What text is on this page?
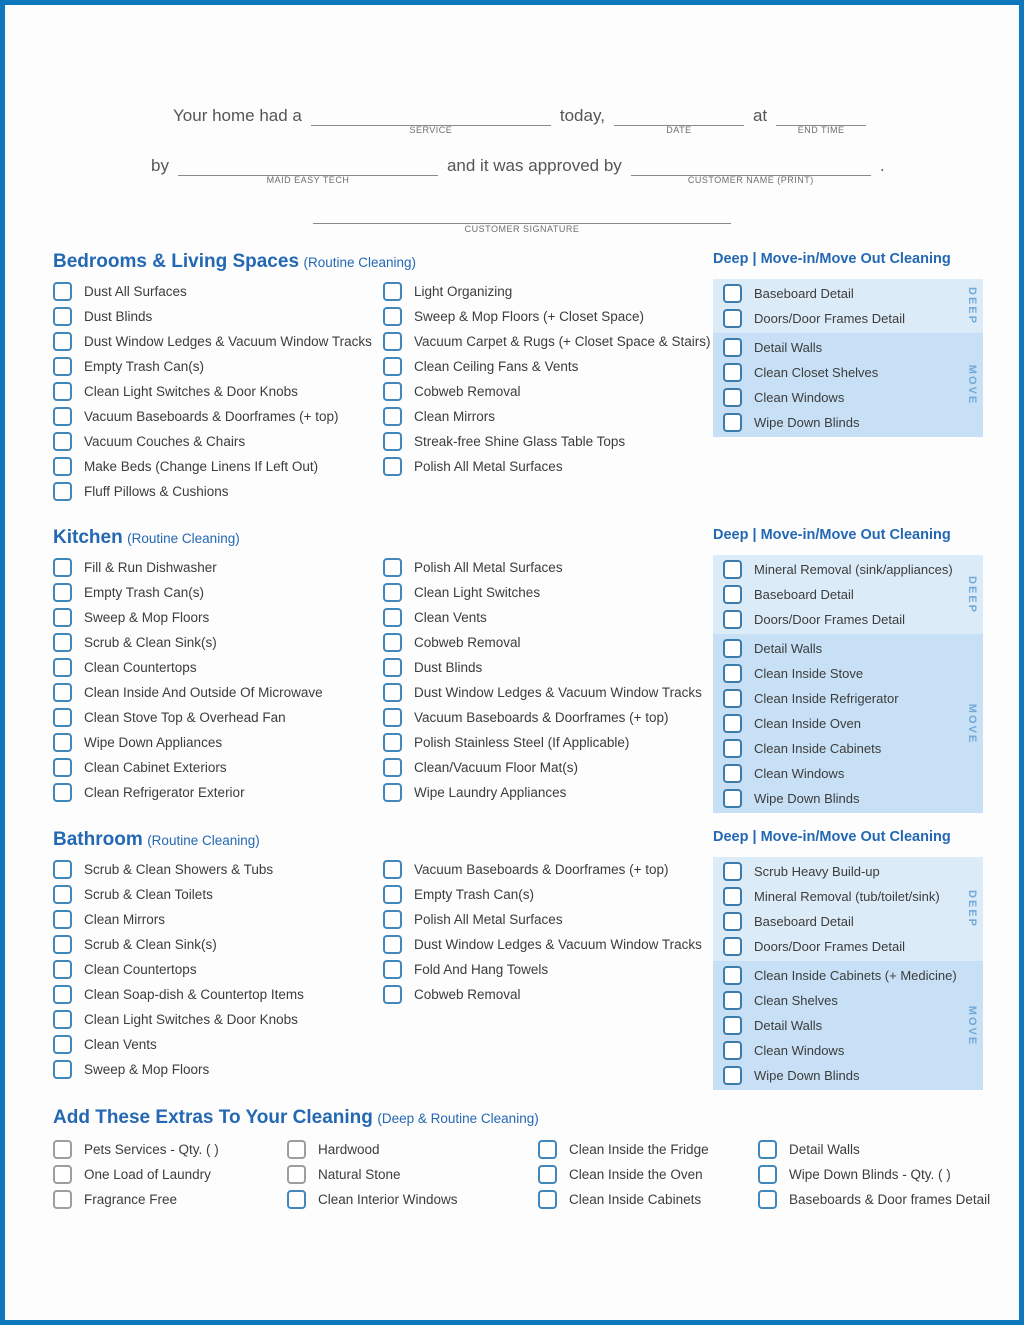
Your home had a
SERVICE
today,
DATE
at
END TIME
by
MAID EASY TECH
and it was approved by
CUSTOMER NAME (PRINT)
.
CUSTOMER SIGNATURE
Bedrooms & Living Spaces (Routine Cleaning)
Dust All Surfaces
Dust Blinds
Dust Window Ledges & Vacuum Window Tracks
Empty Trash Can(s)
Clean Light Switches & Door Knobs
Vacuum Baseboards & Doorframes (+ top)
Vacuum Couches & Chairs
Make Beds (Change Linens If Left Out)
Fluff Pillows & Cushions
Light Organizing
Sweep & Mop Floors (+ Closet Space)
Vacuum Carpet & Rugs (+ Closet Space & Stairs)
Clean Ceiling Fans & Vents
Cobweb Removal
Clean Mirrors
Streak-free Shine Glass Table Tops
Polish All Metal Surfaces
Deep | Move-in/Move Out Cleaning
Baseboard Detail
Doors/Door Frames Detail	DEEP
Detail Walls
Clean Closet Shelves
Clean Windows
Wipe Down Blinds
MOVE
Kitchen (Routine Cleaning)
Fill & Run Dishwasher
Empty Trash Can(s)
Sweep & Mop Floors
Scrub & Clean Sink(s)
Clean Countertops
Clean Inside And Outside Of Microwave
Clean Stove Top & Overhead Fan
Wipe Down Appliances
Clean Cabinet Exteriors
Clean Refrigerator Exterior
Polish All Metal Surfaces
Clean Light Switches
Clean Vents
Cobweb Removal
Dust Blinds
Dust Window Ledges & Vacuum Window Tracks
Vacuum Baseboards & Doorframes (+ top)
Polish Stainless Steel (If Applicable)
Clean/Vacuum Floor Mat(s)
Wipe Laundry Appliances
Deep | Move-in/Move Out Cleaning
Mineral Removal (sink/appliances)
Baseboard Detail
Doors/Door Frames Detail
DEEP
Detail Walls
Clean Inside Stove
Clean Inside Refrigerator
Clean Inside Oven
Clean Inside Cabinets
Clean Windows
Wipe Down Blinds
MOVE
Bathroom (Routine Cleaning)
Scrub & Clean Showers & Tubs
Scrub & Clean Toilets
Clean Mirrors
Scrub & Clean Sink(s)
Clean Countertops
Clean Soap-dish & Countertop Items
Clean Light Switches & Door Knobs
Clean Vents
Sweep & Mop Floors
Vacuum Baseboards & Doorframes (+ top)
Empty Trash Can(s)
Polish All Metal Surfaces
Dust Window Ledges & Vacuum Window Tracks
Fold And Hang Towels
Cobweb Removal
Deep | Move-in/Move Out Cleaning
Scrub Heavy Build-up
Mineral Removal (tub/toilet/sink)
Baseboard Detail
Doors/Door Frames Detail
DEEP
Clean Inside Cabinets (+ Medicine)
Clean Shelves
Detail Walls
Clean Windows
Wipe Down Blinds
MOVE
Add These Extras To Your Cleaning (Deep & Routine Cleaning)
Pets Services - Qty. ( )
One Load of Laundry
Fragrance Free
Hardwood
Natural Stone
Clean Interior Windows
Clean Inside the Fridge
Clean Inside the Oven
Clean Inside Cabinets
Detail Walls
Wipe Down Blinds - Qty. ( )
Baseboards & Door frames Detail
